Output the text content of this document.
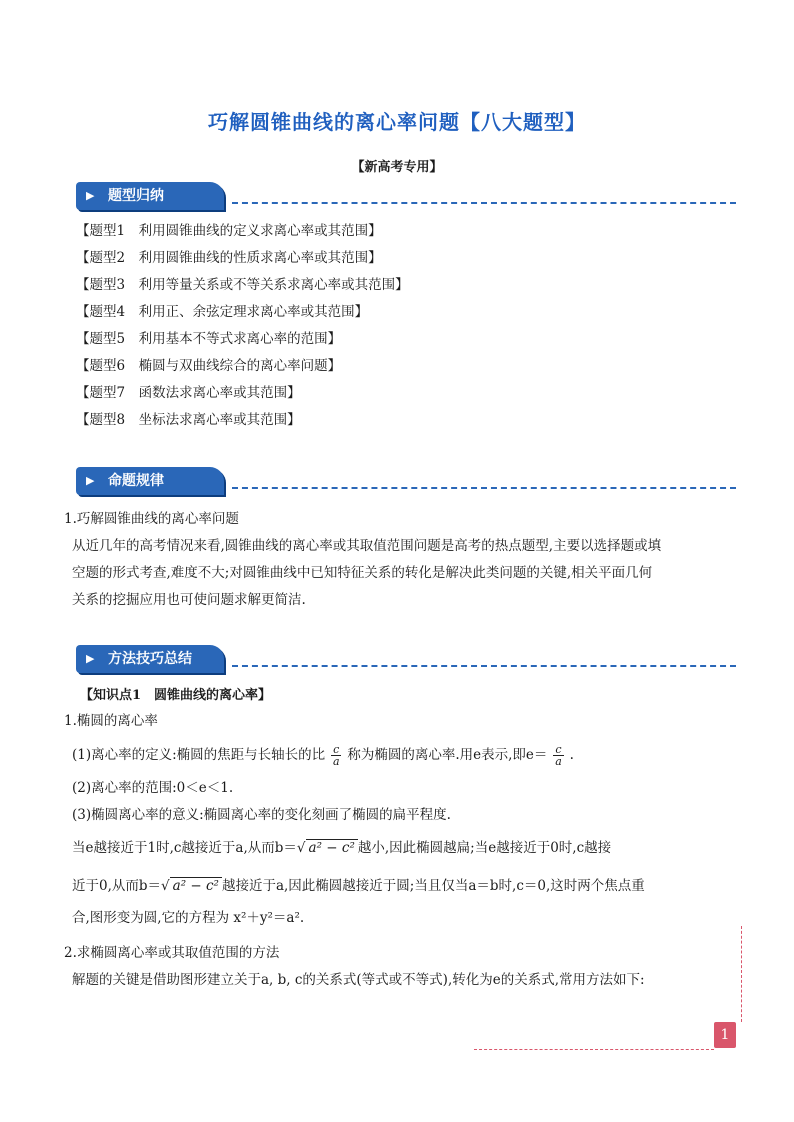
巧解圆锥曲线的离心率问题【八大题型】
【新高考专用】
▶ 题型归纳
【题型1　利用圆锥曲线的定义求离心率或其范围】
【题型2　利用圆锥曲线的性质求离心率或其范围】
【题型3　利用等量关系或不等关系求离心率或其范围】
【题型4　利用正、余弦定理求离心率或其范围】
【题型5　利用基本不等式求离心率的范围】
【题型6　椭圆与双曲线综合的离心率问题】
【题型7　函数法求离心率或其范围】
【题型8　坐标法求离心率或其范围】
▶ 命题规律
1.巧解圆锥曲线的离心率问题
从近几年的高考情况来看,圆锥曲线的离心率或其取值范围问题是高考的热点题型,主要以选择题或填
空题的形式考查,难度不大;对圆锥曲线中已知特征关系的转化是解决此类问题的关键,相关平面几何
关系的挖掘应用也可使问题求解更简洁.
▶ 方法技巧总结
【知识点1　圆锥曲线的离心率】
1.椭圆的离心率
(1)离心率的定义:椭圆的焦距与长轴长的比 $\frac{c}{a}$ 称为椭圆的离心率.用e表示,即$e= \frac{c}{a}$ .
(2)离心率的范围:0＜e＜1.
(3)椭圆离心率的意义:椭圆离心率的变化刻画了椭圆的扁平程度.
当e越接近于1时,c越接近于a,从而b＝√ a² − c² 越小,因此椭圆越扁;当e越接近于0时,c越接
近于0,从而b＝√ a² − c² 越接近于a,因此椭圆越接近于圆;当且仅当a＝b时,c＝0,这时两个焦点重
合,图形变为圆,它的方程为 x²＋y²＝a².
2.求椭圆离心率或其取值范围的方法
解题的关键是借助图形建立关于a, b, c的关系式(等式或不等式),转化为e的关系式,常用方法如下:
1
